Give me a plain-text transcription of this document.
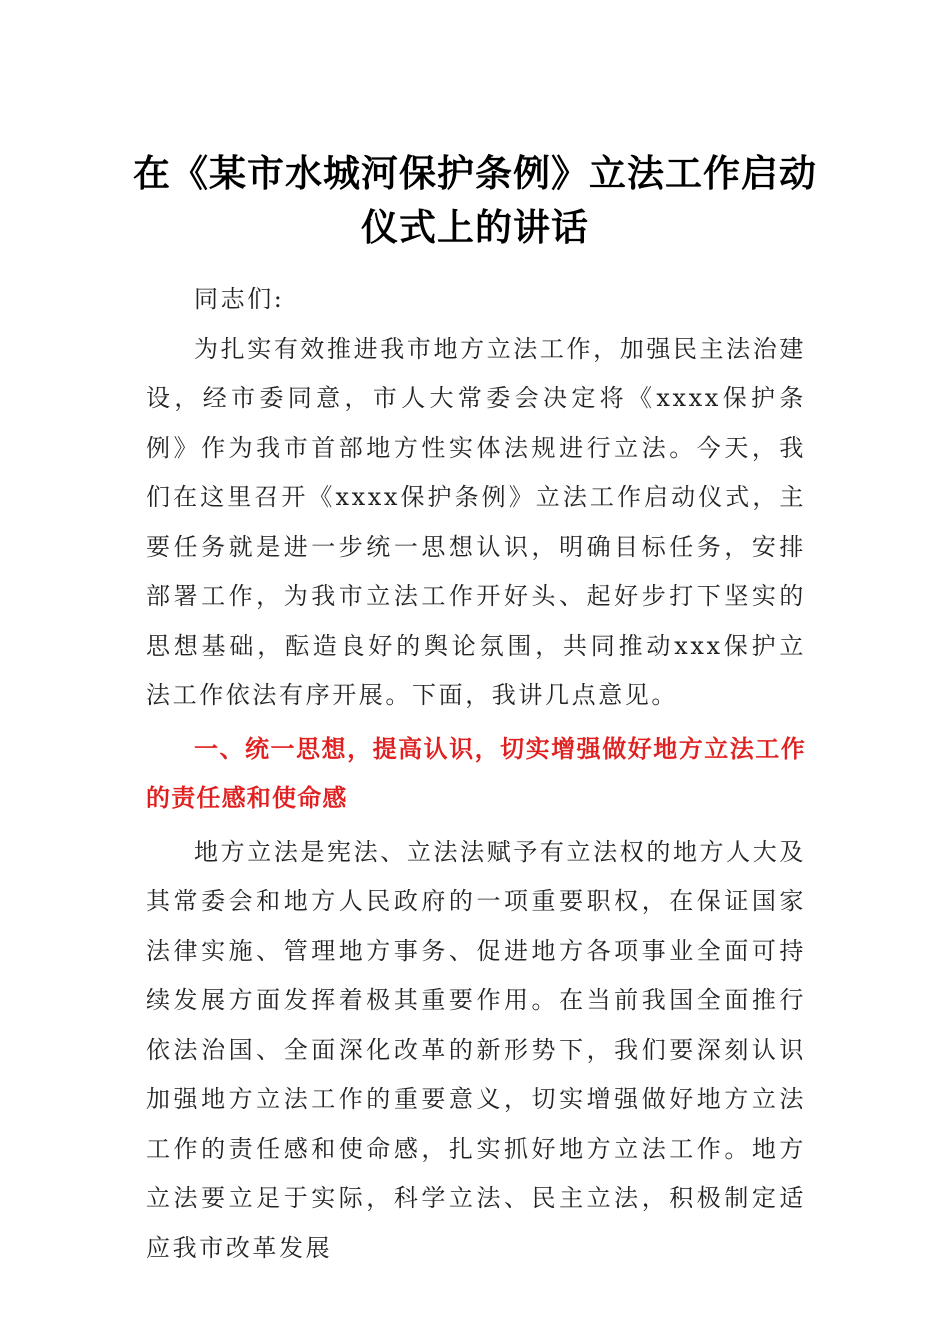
在《某市水城河保护条例》立法工作启动
仪式上的讲话

同志们:

为扎实有效推进我市地方立法工作，加强民主法治建设，经市委同意，市人大常委会决定将《xxxx保护条例》作为我市首部地方性实体法规进行立法。今天，我们在这里召开《xxxx保护条例》立法工作启动仪式，主要任务就是进一步统一思想认识，明确目标任务，安排部署工作，为我市立法工作开好头、起好步打下坚实的思想基础，酝造良好的舆论氛围，共同推动xxx保护立法工作依法有序开展。下面，我讲几点意见。

一、统一思想，提高认识，切实增强做好地方立法工作的责任感和使命感

地方立法是宪法、立法法赋予有立法权的地方人大及其常委会和地方人民政府的一项重要职权，在保证国家法律实施、管理地方事务、促进地方各项事业全面可持续发展方面发挥着极其重要作用。在当前我国全面推行依法治国、全面深化改革的新形势下，我们要深刻认识加强地方立法工作的重要意义，切实增强做好地方立法工作的责任感和使命感，扎实抓好地方立法工作。地方立法要立足于实际，科学立法、民主立法，积极制定适应我市改革发展
